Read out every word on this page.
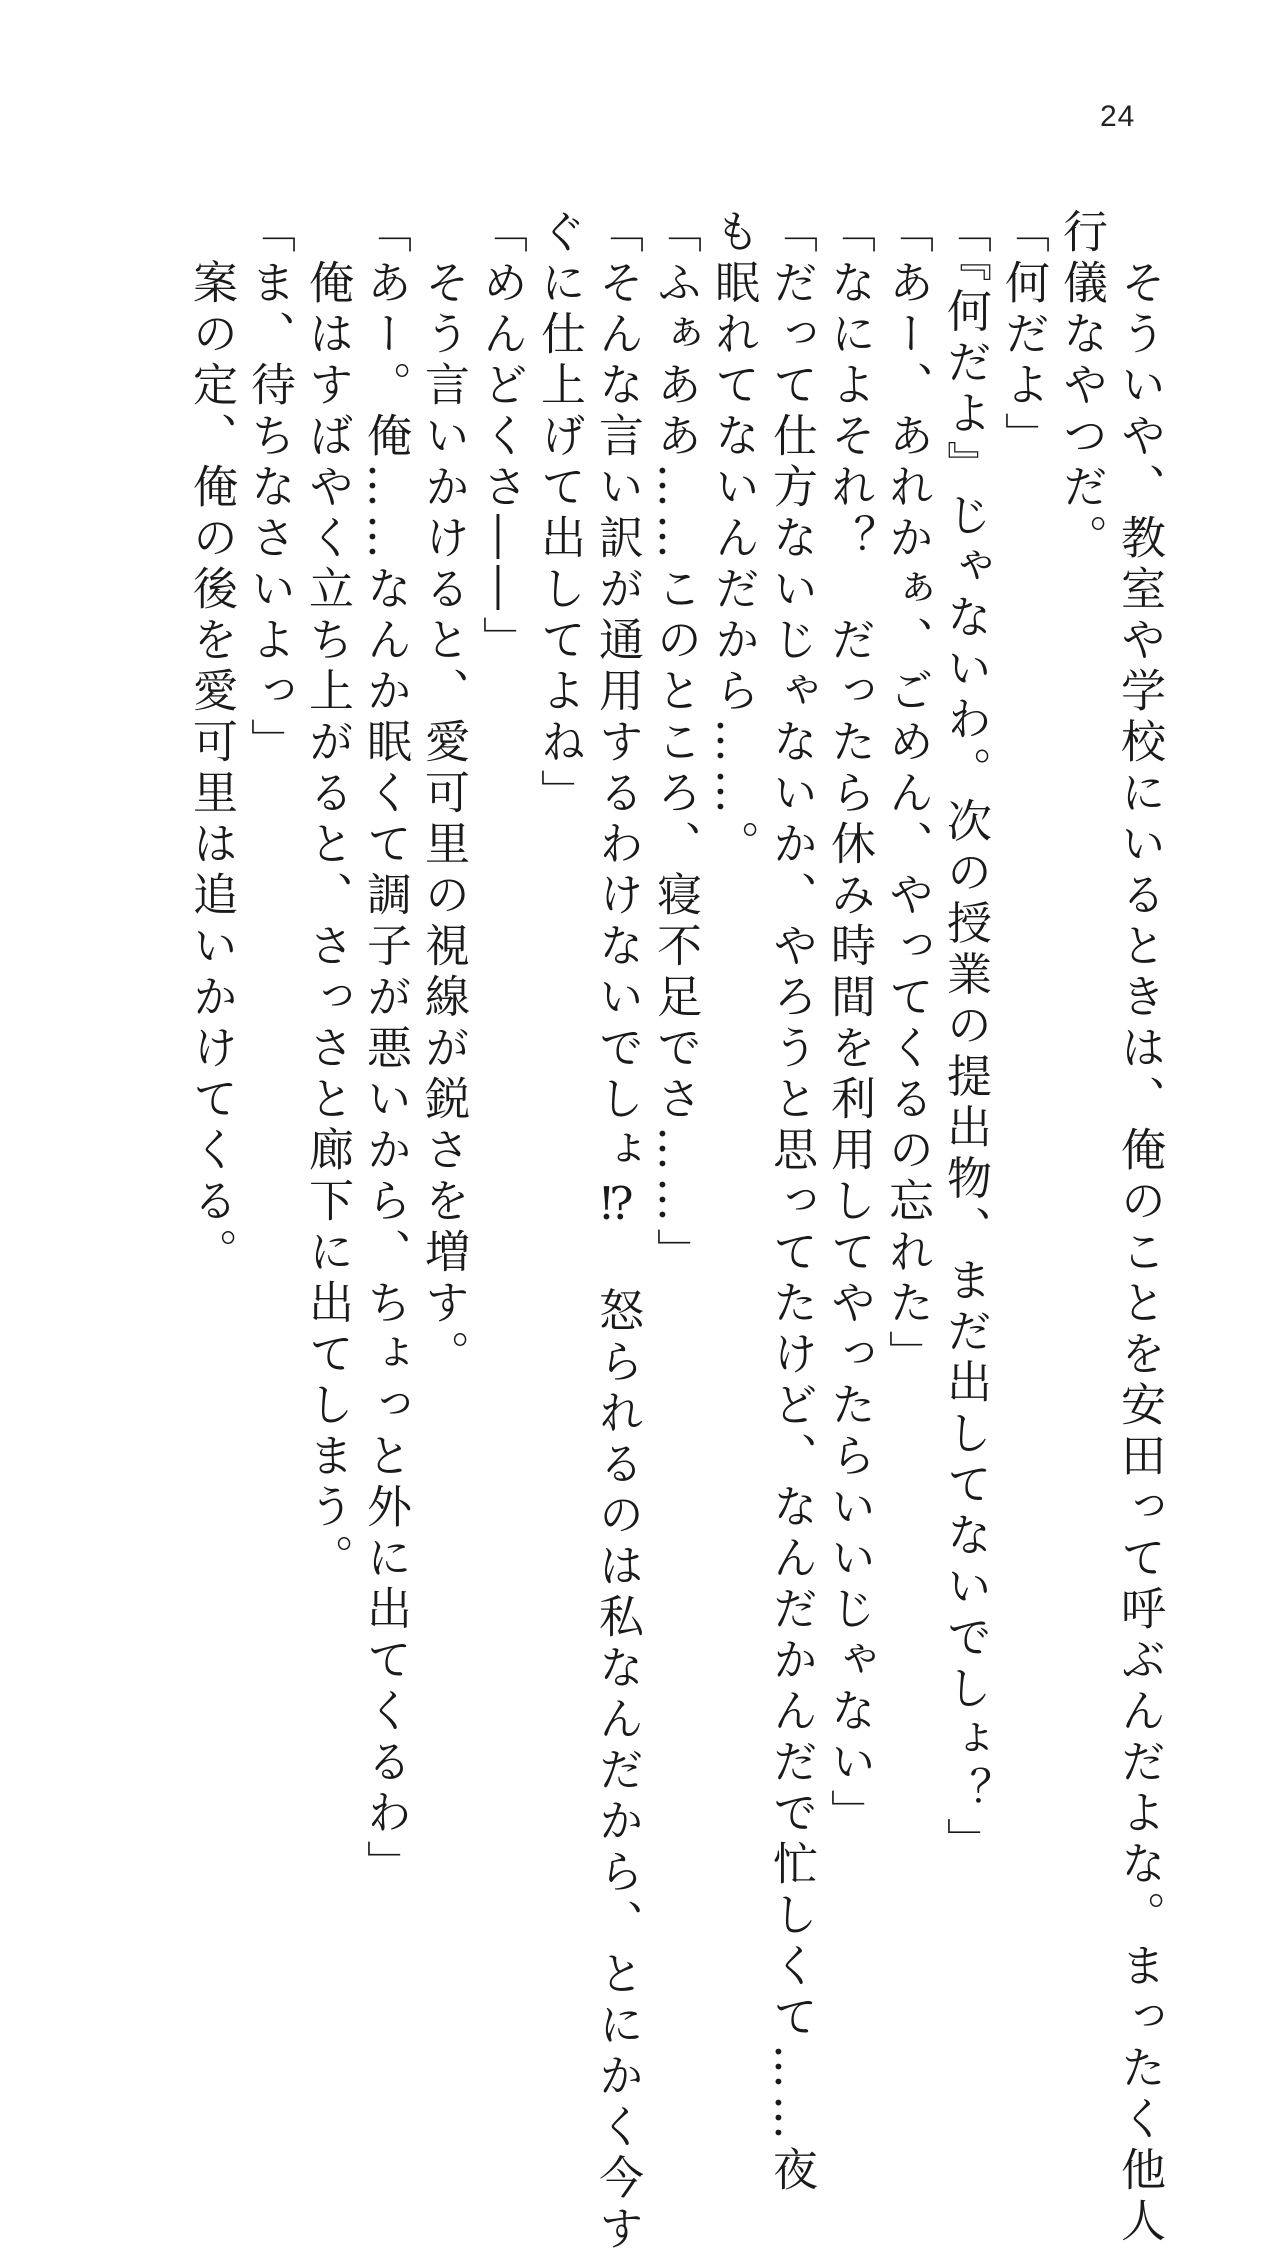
24
　そういや、教室や学校にいるときは、俺のことを安田って呼ぶんだよな。まったく他人
行儀なやつだ。
「何だよ」
「『何だよ』じゃないわ。次の授業の提出物、まだ出してないでしょ？」
「あー、あれかぁ、ごめん、やってくるの忘れた」
「なによそれ？　だったら休み時間を利用してやったらいいじゃない」
「だって仕方ないじゃないか、やろうと思ってたけど、なんだかんだで忙しくて……夜
も眠れてないんだから……。
「ふぁああ……このところ、寝不足でさ……」
「そんな言い訳が通用するわけないでしょ⁉　怒られるのは私なんだから、とにかく今す
ぐに仕上げて出してよね」
「めんどくさ――」
　そう言いかけると、愛可里の視線が鋭さを増す。
「あー。俺……なんか眠くて調子が悪いから、ちょっと外に出てくるわ」
　俺はすばやく立ち上がると、さっさと廊下に出てしまう。
「ま、待ちなさいよっ」
　案の定、俺の後を愛可里は追いかけてくる。
